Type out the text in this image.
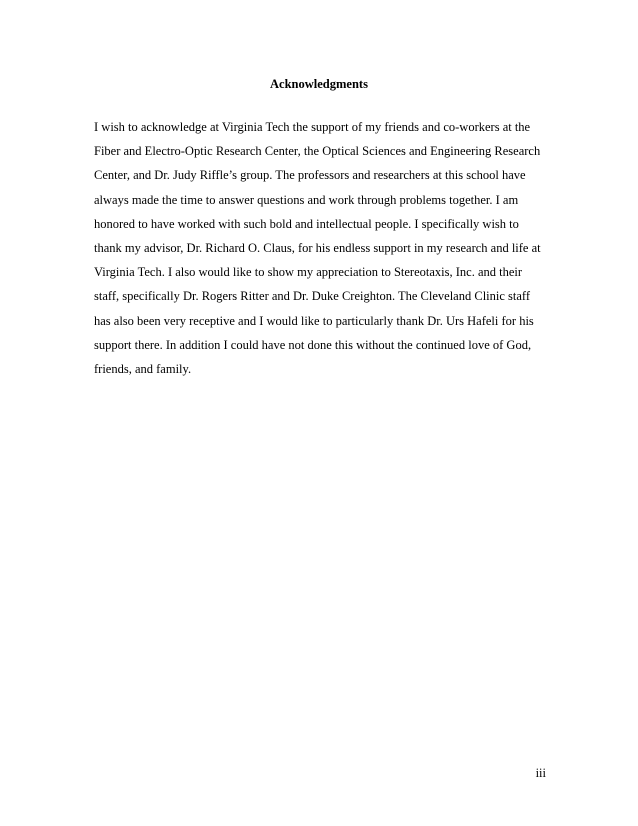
Acknowledgments

I wish to acknowledge at Virginia Tech the support of my friends and co-workers at the
Fiber and Electro-Optic Research Center, the Optical Sciences and Engineering Research
Center, and Dr. Judy Riffle’s group. The professors and researchers at this school have
always made the time to answer questions and work through problems together. I am
honored to have worked with such bold and intellectual people. I specifically wish to
thank my advisor, Dr. Richard O. Claus, for his endless support in my research and life at
Virginia Tech. I also would like to show my appreciation to Stereotaxis, Inc. and their
staff, specifically Dr. Rogers Ritter and Dr. Duke Creighton. The Cleveland Clinic staff
has also been very receptive and I would like to particularly thank Dr. Urs Hafeli for his
support there. In addition I could have not done this without the continued love of God,
friends, and family.

iii
